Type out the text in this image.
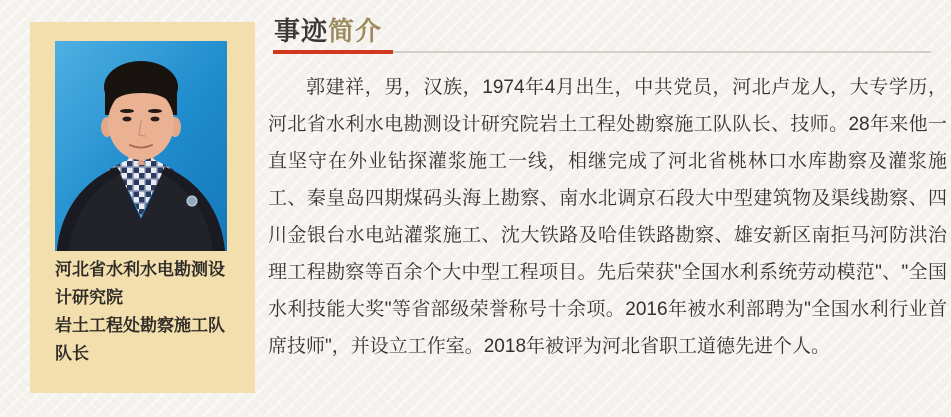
河北省水利水电勘测设计研究院
岩土工程处勘察施工队队长
事迹简介

郭建祥，男，汉族，1974年4月出生，中共党员，河北卢龙人，大专学历，河北省水利水电勘测设计研究院岩土工程处勘察施工队队长、技师。28年来他一直坚守在外业钻探灌浆施工一线，相继完成了河北省桃林口水库勘察及灌浆施工、秦皇岛四期煤码头海上勘察、南水北调京石段大中型建筑物及渠线勘察、四川金银台水电站灌浆施工、沈大铁路及哈佳铁路勘察、雄安新区南拒马河防洪治理工程勘察等百余个大中型工程项目。先后荣获"全国水利系统劳动模范"、"全国水利技能大奖"等省部级荣誉称号十余项。2016年被水利部聘为"全国水利行业首席技师"，并设立工作室。2018年被评为河北省职工道德先进个人。
